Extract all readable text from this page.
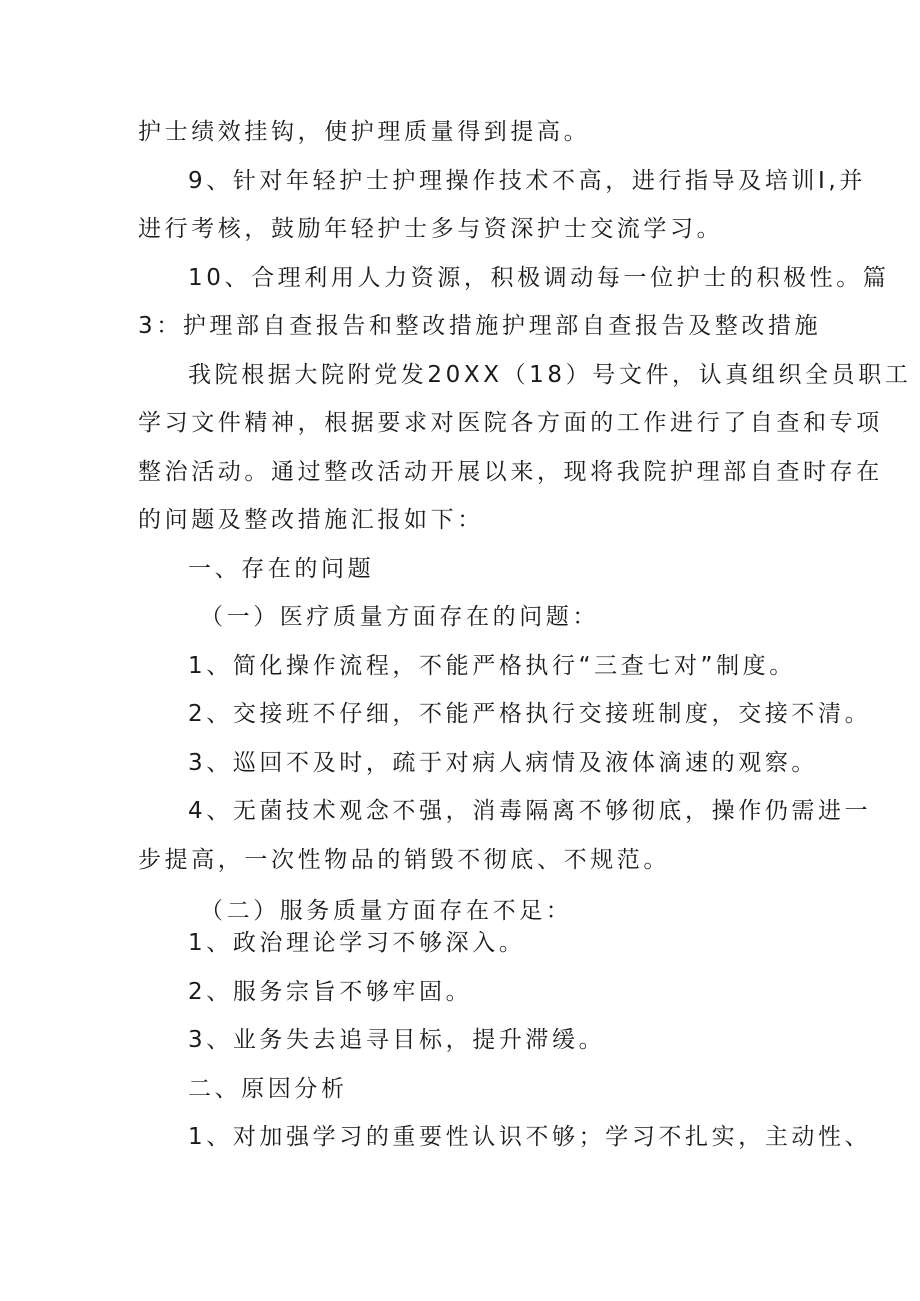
护士绩效挂钩，使护理质量得到提高。
9、针对年轻护士护理操作技术不高，进行指导及培训I,并
进行考核，鼓励年轻护士多与资深护士交流学习。
10、合理利用人力资源，积极调动每一位护士的积极性。篇
3：护理部自查报告和整改措施护理部自查报告及整改措施
我院根据大院附党发20XX（18）号文件，认真组织全员职工
学习文件精神，根据要求对医院各方面的工作进行了自查和专项
整治活动。通过整改活动开展以来，现将我院护理部自查时存在
的问题及整改措施汇报如下：
一、存在的问题
（一）医疗质量方面存在的问题：
1、简化操作流程，不能严格执行“三查七对”制度。
2、交接班不仔细，不能严格执行交接班制度，交接不清。
3、巡回不及时，疏于对病人病情及液体滴速的观察。
4、无菌技术观念不强，消毒隔离不够彻底，操作仍需进一
步提高，一次性物品的销毁不彻底、不规范。
（二）服务质量方面存在不足：
1、政治理论学习不够深入。
2、服务宗旨不够牢固。
3、业务失去追寻目标，提升滞缓。
二、原因分析
1、对加强学习的重要性认识不够；学习不扎实，主动性、
